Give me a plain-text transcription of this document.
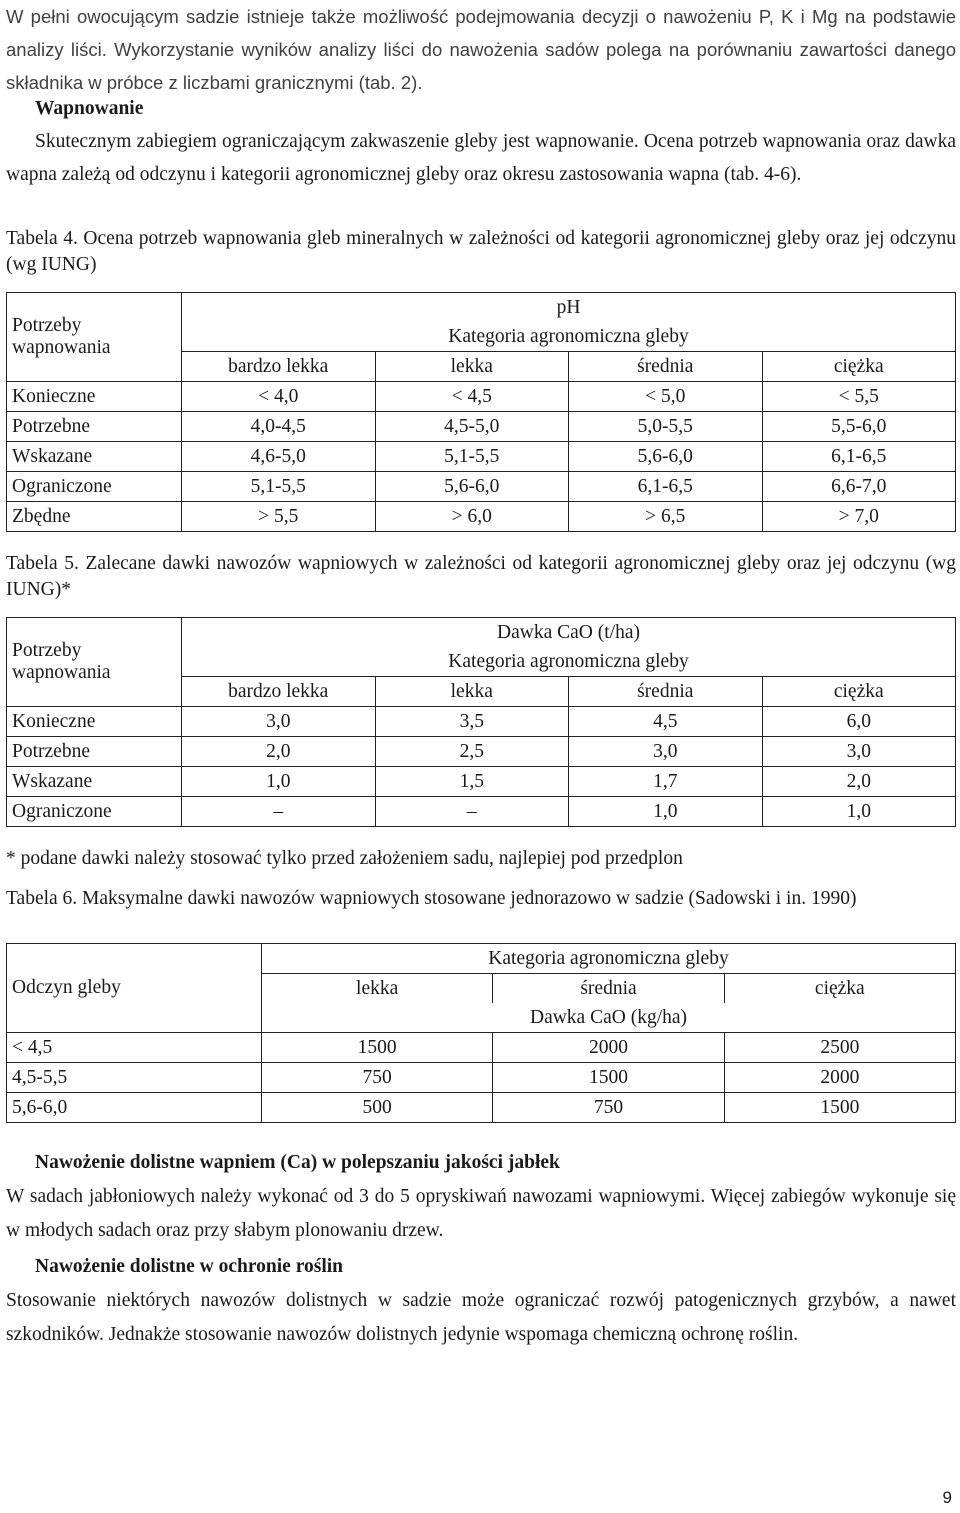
W pełni owocującym sadzie istnieje także możliwość podejmowania decyzji o nawożeniu P, K i Mg na podstawie analizy liści. Wykorzystanie wyników analizy liści do nawożenia sadów polega na porównaniu zawartości danego składnika w próbce z liczbami granicznymi (tab. 2).

Wapnowanie

Skutecznym zabiegiem ograniczającym zakwaszenie gleby jest wapnowanie. Ocena potrzeb wapnowania oraz dawka wapna zależą od odczynu i kategorii agronomicznej gleby oraz okresu zastosowania wapna (tab. 4-6).

Tabela 4. Ocena potrzeb wapnowania gleb mineralnych w zależności od kategorii agronomicznej gleby oraz jej odczynu (wg IUNG)

Potrzeby wapnowania	pH			
	Kategoria agronomiczna gleby			
	bardzo lekka	lekka	średnia	ciężka
Konieczne	< 4,0	< 4,5	< 5,0	< 5,5
Potrzebne	4,0-4,5	4,5-5,0	5,0-5,5	5,5-6,0
Wskazane	4,6-5,0	5,1-5,5	5,6-6,0	6,1-6,5
Ograniczone	5,1-5,5	5,6-6,0	6,1-6,5	6,6-7,0
Zbędne	> 5,5	> 6,0	> 6,5	> 7,0

Tabela 5. Zalecane dawki nawozów wapniowych w zależności od kategorii agronomicznej gleby oraz jej odczynu (wg IUNG)*

Potrzeby wapnowania	Dawka CaO (t/ha)			
	Kategoria agronomiczna gleby			
	bardzo lekka	lekka	średnia	ciężka
Konieczne	3,0	3,5	4,5	6,0
Potrzebne	2,0	2,5	3,0	3,0
Wskazane	1,0	1,5	1,7	2,0
Ograniczone	–	–	1,0	1,0

* podane dawki należy stosować tylko przed założeniem sadu, najlepiej pod przedplon

Tabela 6. Maksymalne dawki nawozów wapniowych stosowane jednorazowo w sadzie (Sadowski i in. 1990)

Odczyn gleby	Kategoria agronomiczna gleby		
	lekka	średnia	ciężka
	Dawka CaO (kg/ha)		
< 4,5	1500	2000	2500
4,5-5,5	750	1500	2000
5,6-6,0	500	750	1500
Nawożenie dolistne wapniem (Ca) w polepszaniu jakości jabłek

W sadach jabłoniowych należy wykonać od 3 do 5 opryskiwań nawozami wapniowymi. Więcej zabiegów wykonuje się w młodych sadach oraz przy słabym plonowaniu drzew.

Nawożenie dolistne w ochronie roślin

Stosowanie niektórych nawozów dolistnych w sadzie może ograniczać rozwój patogenicznych grzybów, a nawet szkodników. Jednakże stosowanie nawozów dolistnych jedynie wspomaga chemiczną ochronę roślin.

9
